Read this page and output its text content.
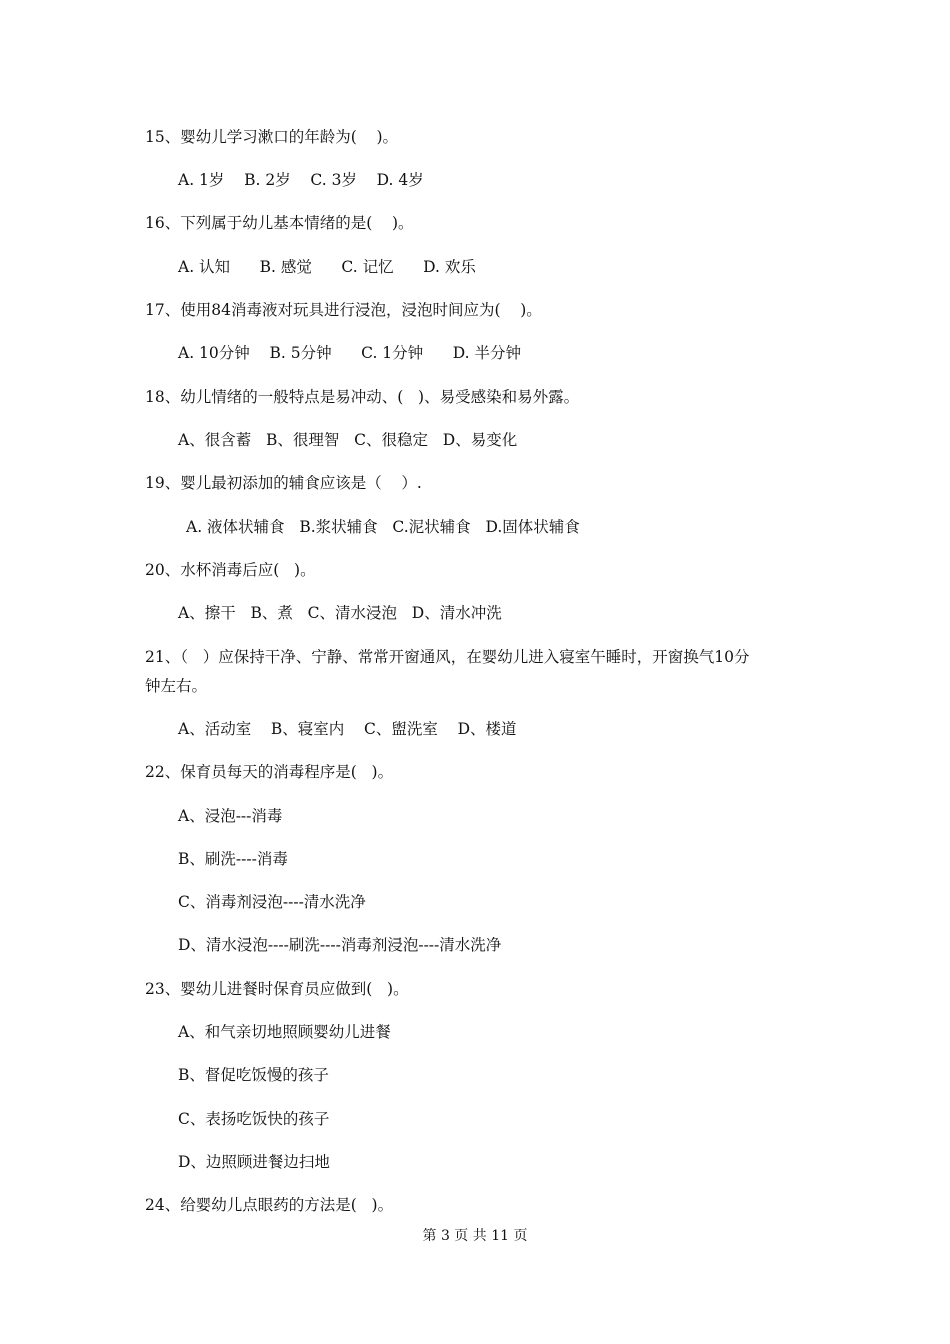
15、婴幼儿学习漱口的年龄为(    )。
A. 1岁    B. 2岁    C. 3岁    D. 4岁
16、下列属于幼儿基本情绪的是(    )。
A. 认知      B. 感觉      C. 记忆      D. 欢乐
17、使用84消毒液对玩具进行浸泡，浸泡时间应为(    )。
A. 10分钟    B. 5分钟      C. 1分钟      D. 半分钟
18、幼儿情绪的一般特点是易冲动、(   )、易受感染和易外露。
A、很含蓄   B、很理智   C、很稳定   D、易变化
19、婴儿最初添加的辅食应该是（    ）.
A. 液体状辅食   B.浆状辅食   C.泥状辅食   D.固体状辅食
20、水杯消毒后应(   )。
A、擦干   B、煮   C、清水浸泡   D、清水冲洗
21、（   ）应保持干净、宁静、常常开窗通风，在婴幼儿进入寝室午睡时，开窗换气10分
钟左右。
A、活动室    B、寝室内    C、盥洗室    D、楼道
22、保育员每天的消毒程序是(   )。
A、浸泡---消毒
B、刷洗----消毒
C、消毒剂浸泡----清水洗净
D、清水浸泡----刷洗----消毒剂浸泡----清水洗净
23、婴幼儿进餐时保育员应做到(   )。
A、和气亲切地照顾婴幼儿进餐
B、督促吃饭慢的孩子
C、表扬吃饭快的孩子
D、边照顾进餐边扫地
24、给婴幼儿点眼药的方法是(   )。
第 3 页 共 11 页
